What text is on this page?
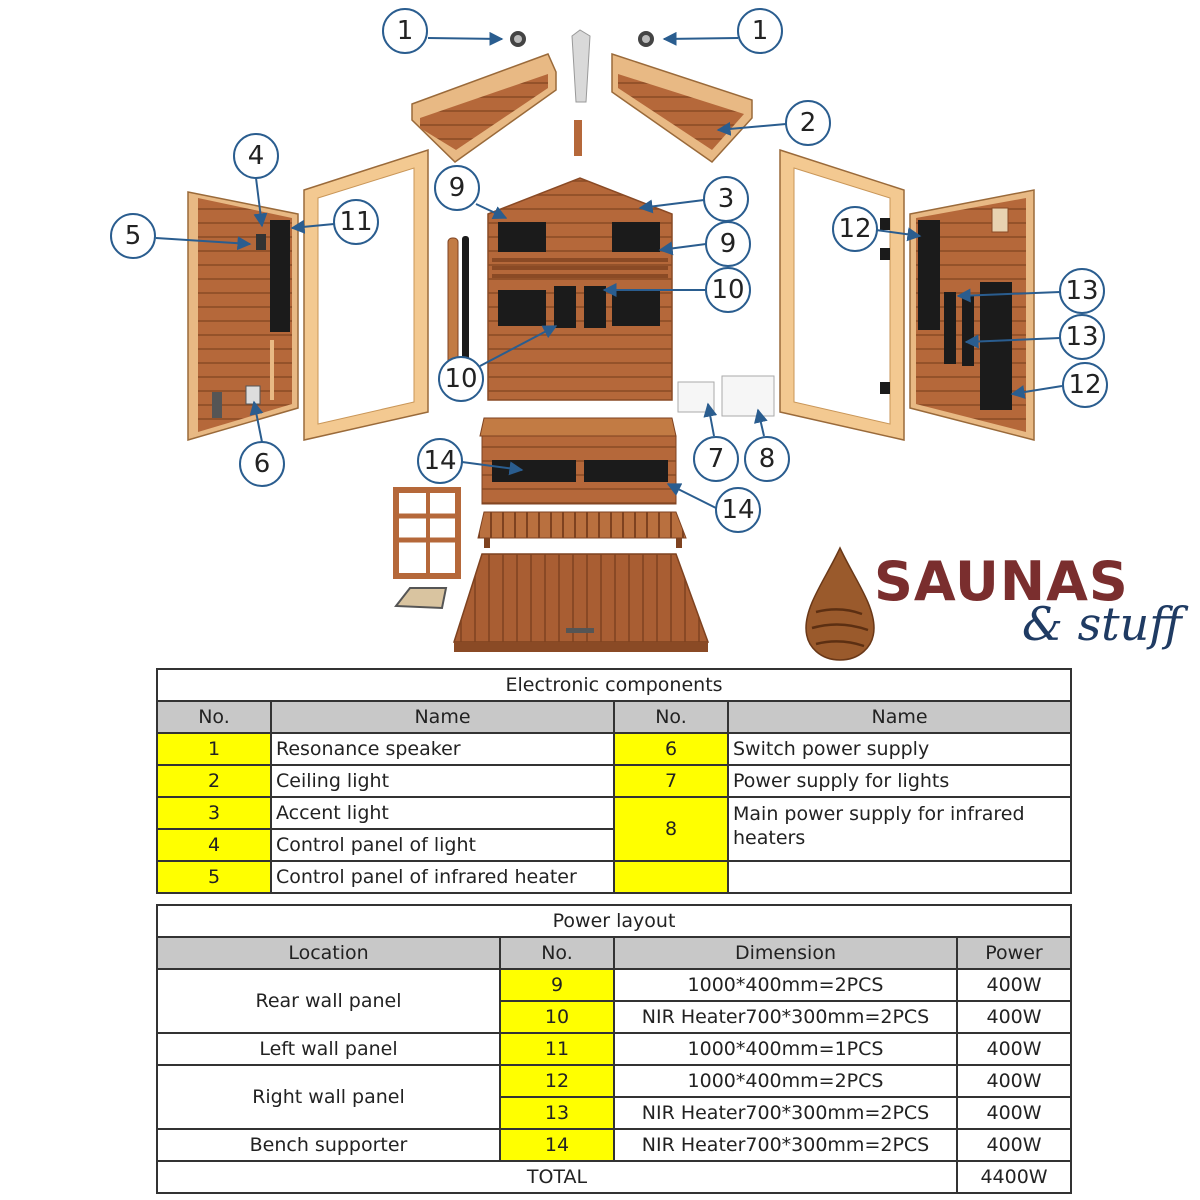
1	1
2
3
4
5
6	7 8
9
9
10
10
11	12
12
13
13
14
14
SAUNAS
& stuff
Electronic components			
No.	Name	No.	Name
1	Resonance speaker	6	Switch power supply
2	Ceiling light	7	Power supply for lights
3	Accent light	8	Main power supply for infrared heaters
4	Control panel of light		
5	Control panel of infrared heater		
Power layout			
Location	No.	Dimension	Power
Rear wall panel	9	1000*400mm=2PCS	400W
	10	NIR Heater700*300mm=2PCS	400W
Left wall panel	11	1000*400mm=1PCS	400W
Right wall panel	12	1000*400mm=2PCS	400W
	13	NIR Heater700*300mm=2PCS	400W
Bench supporter	14	NIR Heater700*300mm=2PCS	400W
TOTAL			4400W
